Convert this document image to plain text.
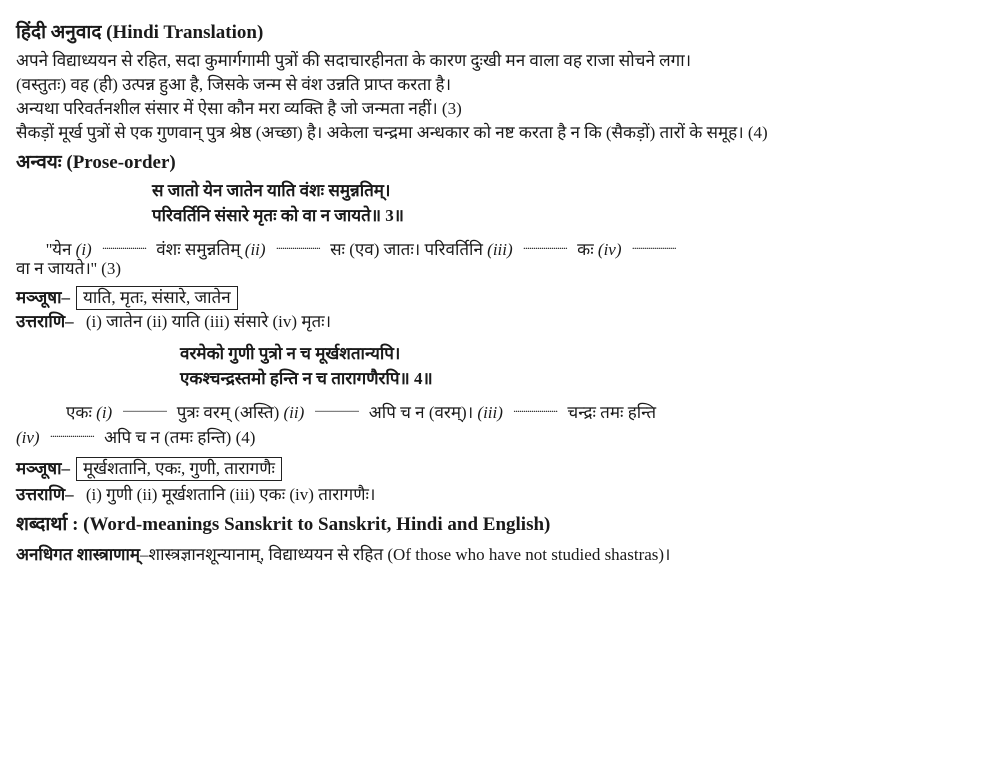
हिंदी अनुवाद (Hindi Translation)
अपने विद्याध्ययन से रहित, सदा कुमार्गगामी पुत्रों की सदाचारहीनता के कारण दुःखी मन वाला वह राजा सोचने लगा।
(वस्तुतः) वह (ही) उत्पन्न हुआ है, जिसके जन्म से वंश उन्नति प्राप्त करता है।
अन्यथा परिवर्तनशील संसार में ऐसा कौन मरा व्यक्ति है जो जन्मता नहीं। (3)
सैकड़ों मूर्ख पुत्रों से एक गुणवान् पुत्र श्रेष्ठ (अच्छा) है। अकेला चन्द्रमा अन्धकार को नष्ट करता है न कि (सैकड़ों) तारों के समूह। (4)
अन्वयः (Prose-order)
स जातो येन जातेन याति वंशः समुन्नतिम्।
परिवर्तिनि संसारे मृतः को वा न जायते॥ 3॥
''येन (i) ...................... वंशः समुन्नतिम् (ii) ...................... सः (एव) जातः। परिवर्तिनि (iii) ...................... कः (iv) ......................
वा न जायते।'' (3)
मञ्जूषा– याति, मृतः, संसारे, जातेन
उत्तराणि– (i) जातेन (ii) याति (iii) संसारे (iv) मृतः।
वरमेको गुणी पुत्रो न च मूर्खशतान्यपि।
एकश्चन्द्रस्तमो हन्ति न च तारागणैरपि॥ 4॥
एकः (i) ...................... पुत्रः वरम् (अस्ति) (ii) ...................... अपि च न (वरम्)। (iii) ...................... चन्द्रः तमः हन्ति
(iv) ...................... अपि च न (तमः हन्ति) (4)
मञ्जूषा– मूर्खशतानि, एकः, गुणी, तारागणैः
उत्तराणि– (i) गुणी (ii) मूर्खशतानि (iii) एकः (iv) तारागणैः।
शब्दार्था : (Word-meanings Sanskrit to Sanskrit, Hindi and English)
अनधिगत शास्त्राणाम्–शास्त्रज्ञानशून्यानाम्, विद्याध्ययन से रहित (Of those who have not studied shastras)।
